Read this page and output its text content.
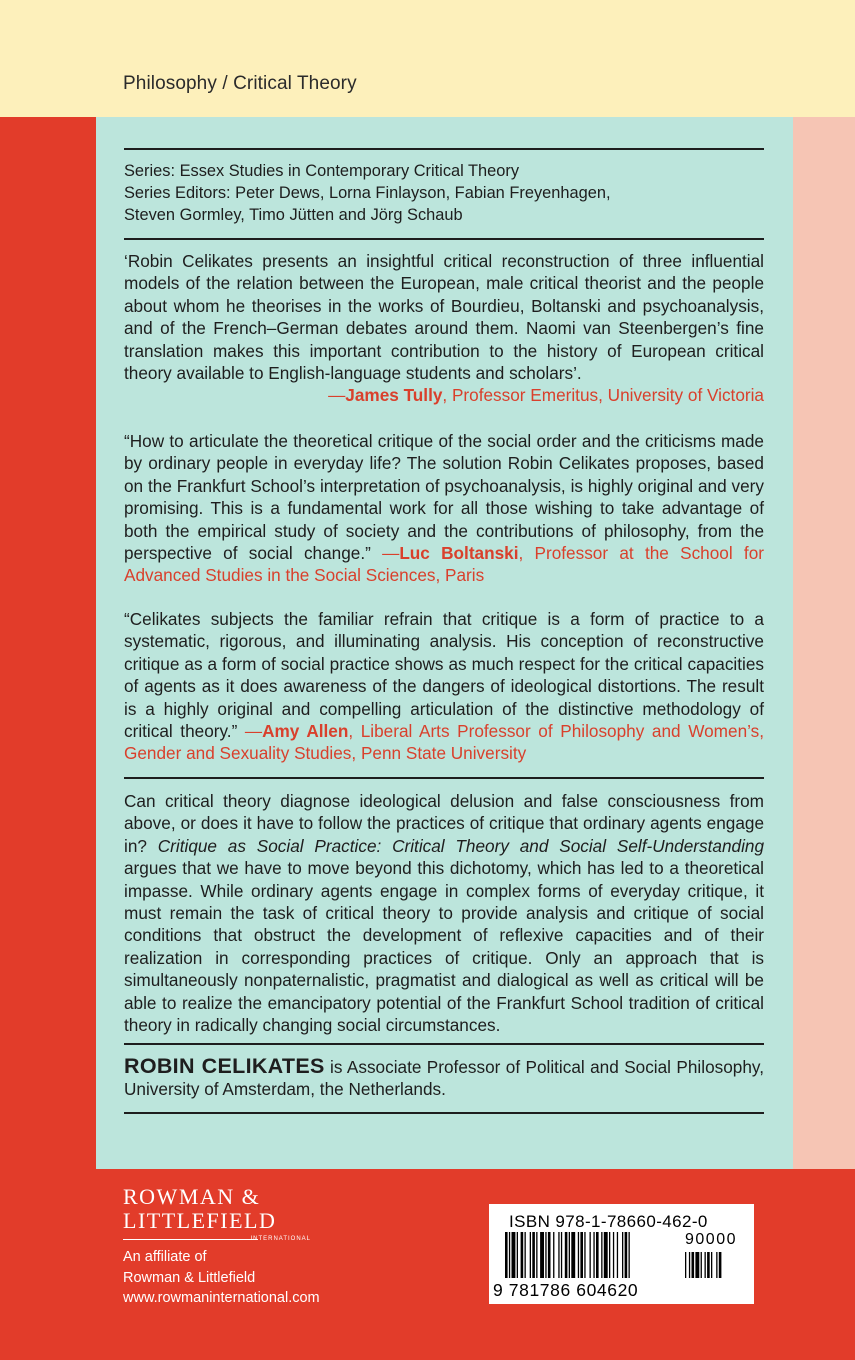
Philosophy / Critical Theory
Series: Essex Studies in Contemporary Critical Theory
Series Editors: Peter Dews, Lorna Finlayson, Fabian Freyenhagen,
Steven Gormley, Timo Jütten and Jörg Schaub
‘Robin Celikates presents an insightful critical reconstruction of three influential models of the relation between the European, male critical theorist and the people about whom he theorises in the works of Bourdieu, Boltanski and psychoanalysis, and of the French–German debates around them. Naomi van Steenbergen’s fine translation makes this important contribution to the history of European critical theory available to English-language students and scholars’.
—James Tully, Professor Emeritus, University of Victoria
“How to articulate the theoretical critique of the social order and the criticisms made by ordinary people in everyday life? The solution Robin Celikates proposes, based on the Frankfurt School’s interpretation of psychoanalysis, is highly original and very promising. This is a fundamental work for all those wishing to take advantage of both the empirical study of society and the contributions of philosophy, from the perspective of social change.” —Luc Boltanski, Professor at the School for Advanced Studies in the Social Sciences, Paris
“Celikates subjects the familiar refrain that critique is a form of practice to a systematic, rigorous, and illuminating analysis. His conception of reconstructive critique as a form of social practice shows as much respect for the critical capacities of agents as it does awareness of the dangers of ideological distortions. The result is a highly original and compelling articulation of the distinctive methodology of critical theory.” —Amy Allen, Liberal Arts Professor of Philosophy and Women’s, Gender and Sexuality Studies, Penn State University
Can critical theory diagnose ideological delusion and false consciousness from above, or does it have to follow the practices of critique that ordinary agents engage in? Critique as Social Practice: Critical Theory and Social Self-Understanding argues that we have to move beyond this dichotomy, which has led to a theoretical impasse. While ordinary agents engage in complex forms of everyday critique, it must remain the task of critical theory to provide analysis and critique of social conditions that obstruct the development of reflexive capacities and of their realization in corresponding practices of critique. Only an approach that is simultaneously nonpaternalistic, pragmatist and dialogical as well as critical will be able to realize the emancipatory potential of the Frankfurt School tradition of critical theory in radically changing social circumstances.
ROBIN CELIKATES is Associate Professor of Political and Social Philosophy, University of Amsterdam, the Netherlands.
ROWMAN &
LITTLEFIELD
INTERNATIONAL
An affiliate of
Rowman & Littlefield
www.rowmaninternational.com
ISBN 978-1-78660-462-0
90000
9 781786 604620
